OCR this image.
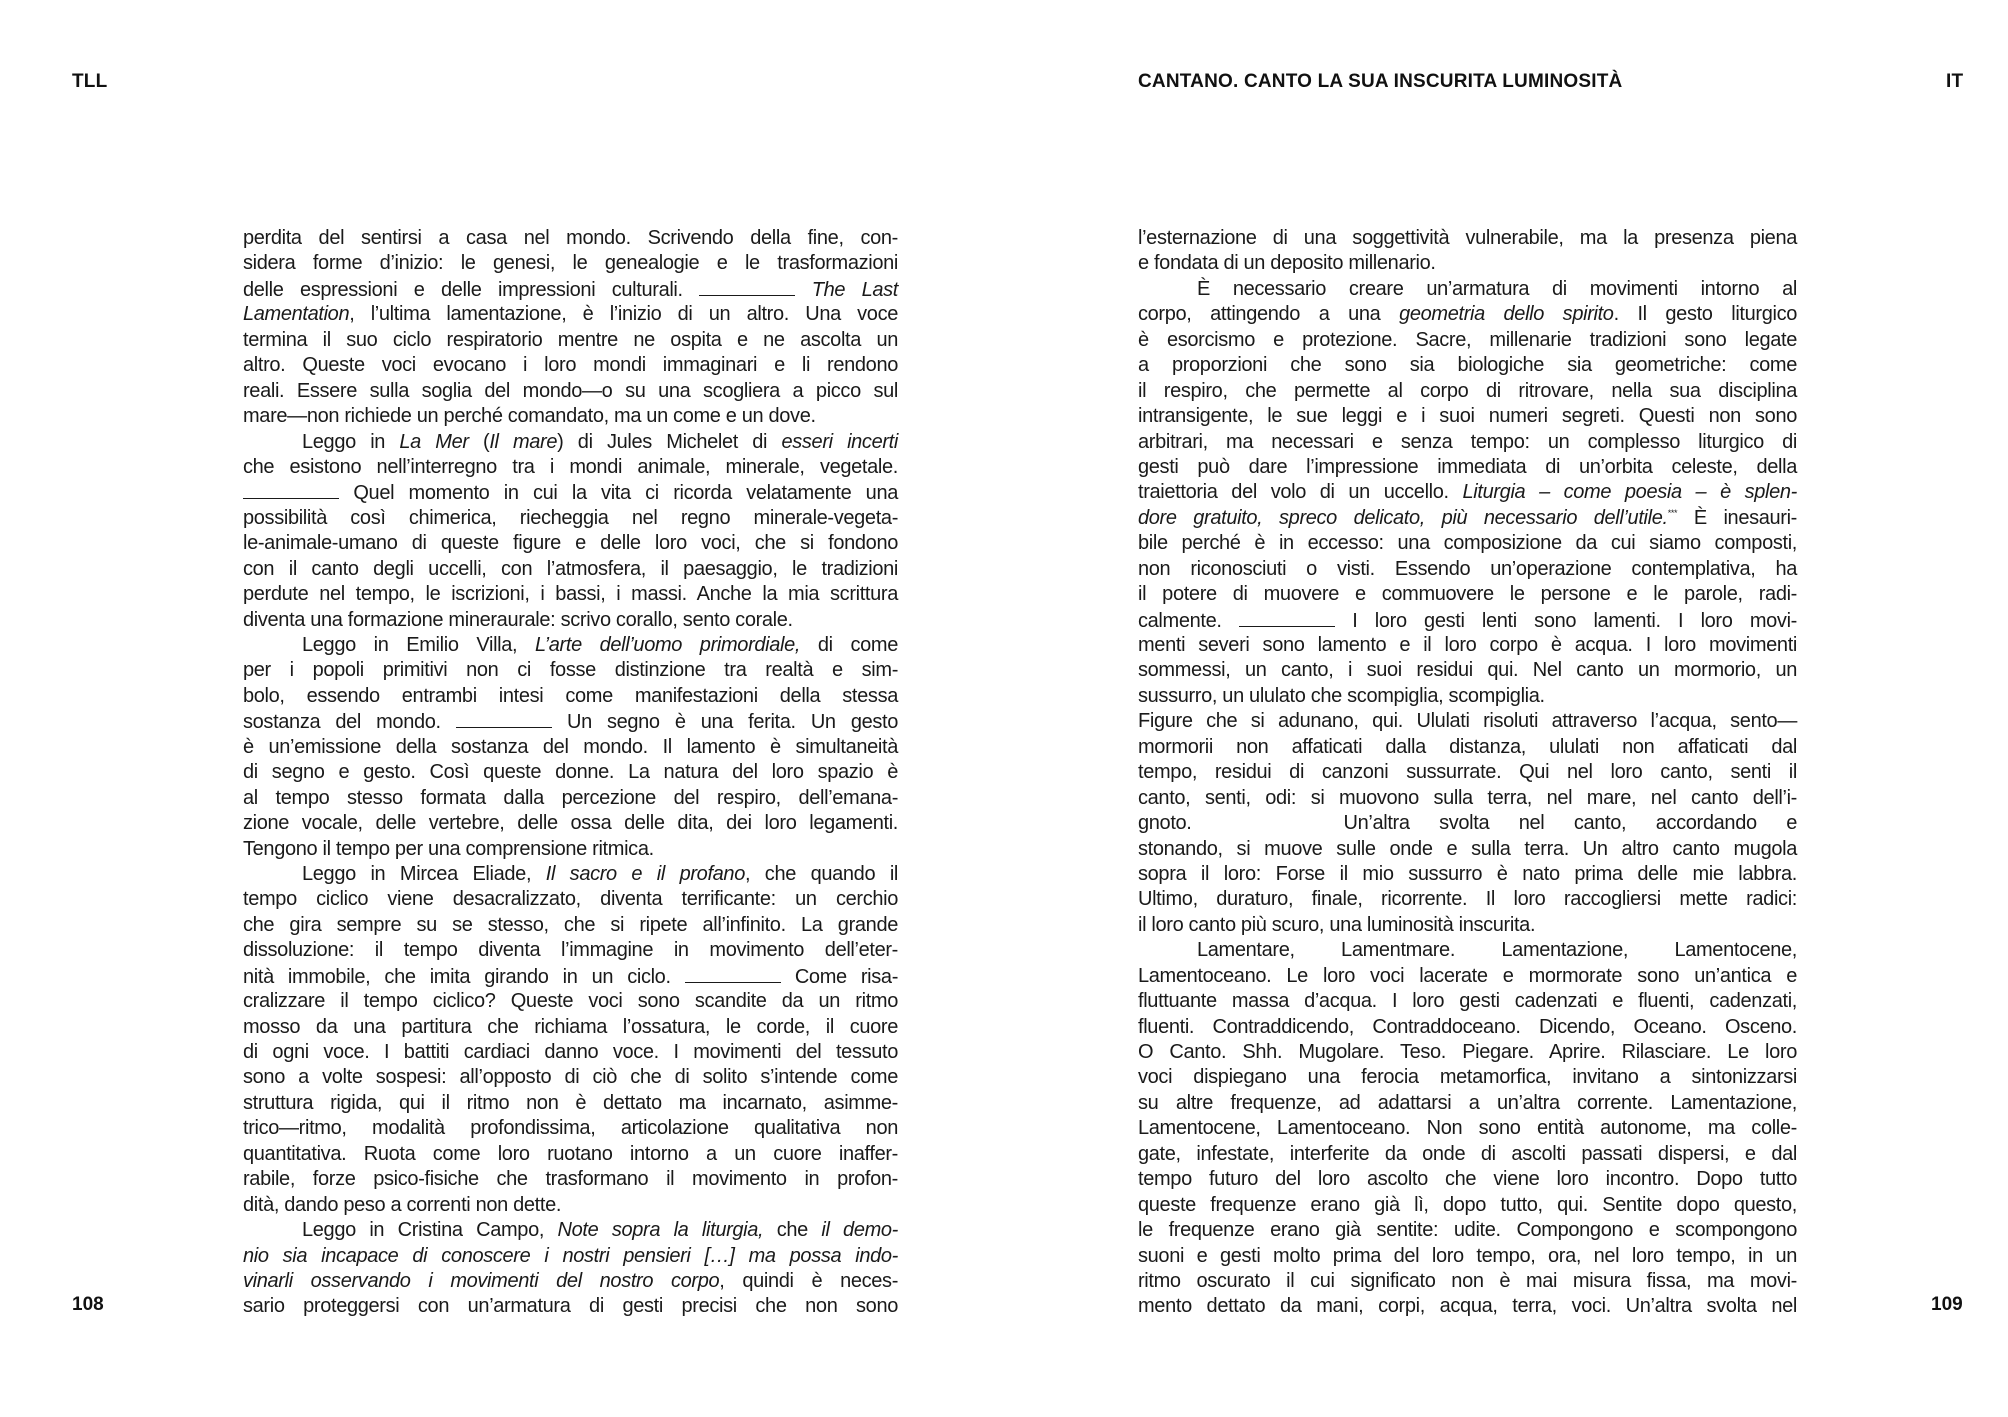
TLL
perdita del sentirsi a casa nel mondo. Scrivendo della fine, con-
sidera forme d’inizio: le genesi, le genealogie e le trasformazioni
delle espressioni e delle impressioni culturali.	The Last
Lamentation, l’ultima lamentazione, è l’inizio di un altro. Una voce
termina il suo ciclo respiratorio mentre ne ospita e ne ascolta un
altro. Queste voci evocano i loro mondi immaginari e li rendono
reali. Essere sulla soglia del mondo—o su una scogliera a picco sul
mare—non richiede un perché comandato, ma un come e un dove.
Leggo in La Mer (Il mare) di Jules Michelet di esseri incerti
che esistono nell’interregno tra i mondi animale, minerale, vegetale.
Quel momento in cui la vita ci ricorda velatamente una
possibilità così chimerica, riecheggia nel regno minerale-vegeta-
le-animale-umano di queste figure e delle loro voci, che si fondono
con il canto degli uccelli, con l’atmosfera, il paesaggio, le tradizioni
perdute nel tempo, le iscrizioni, i bassi, i massi. Anche la mia scrittura
diventa una formazione mineraurale: scrivo corallo, sento corale.
Leggo in Emilio Villa, L’arte dell’uomo primordiale, di come
per i popoli primitivi non ci fosse distinzione tra realtà e sim-
bolo, essendo entrambi intesi come manifestazioni della stessa
sostanza del mondo.	Un segno è una ferita. Un gesto
è un’emissione della sostanza del mondo. Il lamento è simultaneità
di segno e gesto. Così queste donne. La natura del loro spazio è
al tempo stesso formata dalla percezione del respiro, dell’emana-
zione vocale, delle vertebre, delle ossa delle dita, dei loro legamenti.
Tengono il tempo per una comprensione ritmica.
Leggo in Mircea Eliade, Il sacro e il profano, che quando il
tempo ciclico viene desacralizzato, diventa terrificante: un cerchio
che gira sempre su se stesso, che si ripete all’infinito. La grande
dissoluzione: il tempo diventa l’immagine in movimento dell’eter-
nità immobile, che imita girando in un ciclo.	Come risa-
cralizzare il tempo ciclico? Queste voci sono scandite da un ritmo
mosso da una partitura che richiama l’ossatura, le corde, il cuore
di ogni voce. I battiti cardiaci danno voce. I movimenti del tessuto
sono a volte sospesi: all’opposto di ciò che di solito s’intende come
struttura rigida, qui il ritmo non è dettato ma incarnato, asimme-
trico—ritmo, modalità profondissima, articolazione qualitativa non
quantitativa. Ruota come loro ruotano intorno a un cuore inaffer-
rabile, forze psico-fisiche che trasformano il movimento in profon-
dità, dando peso a correnti non dette.
Leggo in Cristina Campo, Note sopra la liturgia, che il demo-
nio sia incapace di conoscere i nostri pensieri […] ma possa indo-
vinarli osservando i movimenti del nostro corpo, quindi è neces-
sario proteggersi con un’armatura di gesti precisi che non sono
108
CANTANO. CANTO LA SUA INSCURITA LUMINOSITÀ	IT
l’esternazione di una soggettività vulnerabile, ma la presenza piena
e fondata di un deposito millenario.
È necessario creare un’armatura di movimenti intorno al
corpo, attingendo a una geometria dello spirito. Il gesto liturgico
è esorcismo e protezione. Sacre, millenarie tradizioni sono legate
a proporzioni che sono sia biologiche sia geometriche: come
il respiro, che permette al corpo di ritrovare, nella sua disciplina
intransigente, le sue leggi e i suoi numeri segreti. Questi non sono
arbitrari, ma necessari e senza tempo: un complesso liturgico di
gesti può dare l’impressione immediata di un’orbita celeste, della
traiettoria del volo di un uccello. Liturgia – come poesia – è splen-
dore gratuito, spreco delicato, più necessario dell’utile.*** È inesauri-
bile perché è in eccesso: una composizione da cui siamo composti,
non riconosciuti o visti. Essendo un’operazione contemplativa, ha
il potere di muovere e commuovere le persone e le parole, radi-
calmente.	I loro gesti lenti sono lamenti. I loro movi-
menti severi sono lamento e il loro corpo è acqua. I loro movimenti
sommessi, un canto, i suoi residui qui. Nel canto un mormorio, un
sussurro, un ululato che scompiglia, scompiglia.
Figure che si adunano, qui. Ululati risoluti attraverso l’acqua, sento—
mormorii non affaticati dalla distanza, ululati non affaticati dal
tempo, residui di canzoni sussurrate. Qui nel loro canto, senti il
canto, senti, odi: si muovono sulla terra, nel mare, nel canto dell’i-
gnoto.	Un’altra svolta nel canto, accordando e
stonando, si muove sulle onde e sulla terra. Un altro canto mugola
sopra il loro: Forse il mio sussurro è nato prima delle mie labbra.
Ultimo, duraturo, finale, ricorrente. Il loro raccogliersi mette radici:
il loro canto più scuro, una luminosità inscurita.
Lamentare, Lamentmare. Lamentazione, Lamentocene,
Lamentoceano. Le loro voci lacerate e mormorate sono un’antica e
fluttuante massa d’acqua. I loro gesti cadenzati e fluenti, cadenzati,
fluenti. Contraddicendo, Contraddoceano. Dicendo, Oceano. Osceno.
O Canto. Shh. Mugolare. Teso. Piegare. Aprire. Rilasciare. Le loro
voci dispiegano una ferocia metamorfica, invitano a sintonizzarsi
su altre frequenze, ad adattarsi a un’altra corrente. Lamentazione,
Lamentocene, Lamentoceano. Non sono entità autonome, ma colle-
gate, infestate, interferite da onde di ascolti passati dispersi, e dal
tempo futuro del loro ascolto che viene loro incontro. Dopo tutto
queste frequenze erano già lì, dopo tutto, qui. Sentite dopo questo,
le frequenze erano già sentite: udite. Compongono e scompongono
suoni e gesti molto prima del loro tempo, ora, nel loro tempo, in un
ritmo oscurato il cui significato non è mai misura fissa, ma movi-
mento dettato da mani, corpi, acqua, terra, voci. Un’altra svolta nel	109
